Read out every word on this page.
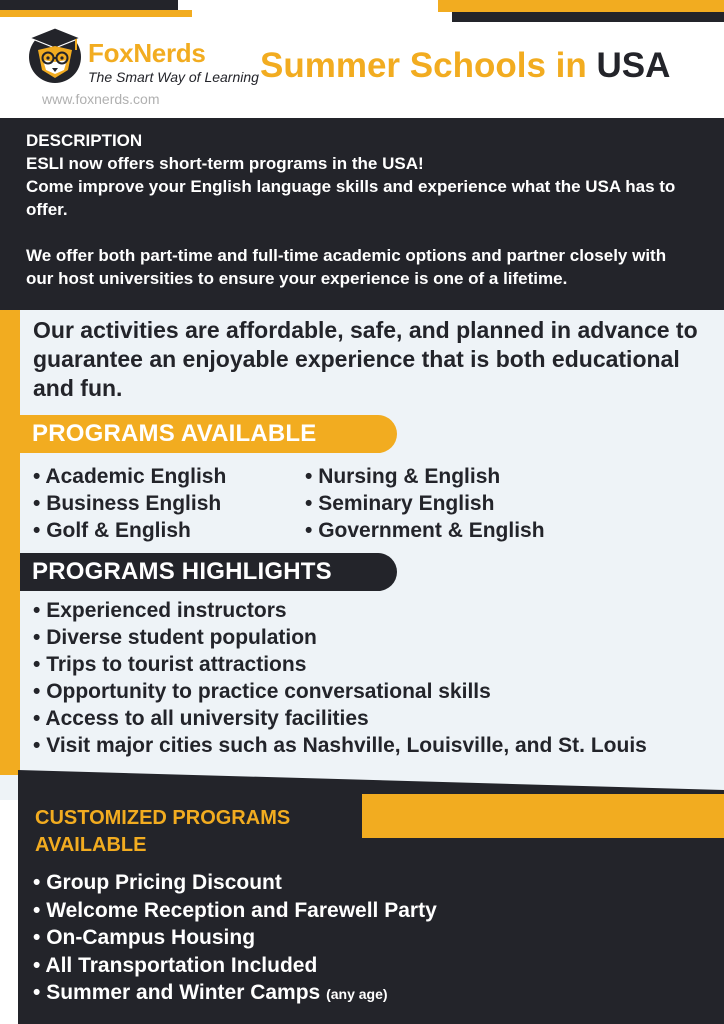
FoxNerds
The Smart Way of Learning
www.foxnerds.com
Summer Schools in USA

DESCRIPTION

ESLI now offers short-term programs in the USA!

Come improve your English language skills and experience what the USA has to offer.

We offer both part-time and full-time academic options and partner closely with our host universities to ensure your experience is one of a lifetime.

Our activities are affordable, safe, and planned in advance to guarantee an enjoyable experience that is both educational and fun.

PROGRAMS AVAILABLE
• Academic English
• Business English
• Golf & English
• Nursing & English
• Seminary English
• Government & English
PROGRAMS HIGHLIGHTS
• Experienced instructors
• Diverse student population
• Trips to tourist attractions
• Opportunity to practice conversational skills
• Access to all university facilities
• Visit major cities such as Nashville, Louisville, and St. Louis
CUSTOMIZED PROGRAMS
AVAILABLE
• Group Pricing Discount
• Welcome Reception and Farewell Party
• On-Campus Housing
• All Transportation Included
• Summer and Winter Camps (any age)
